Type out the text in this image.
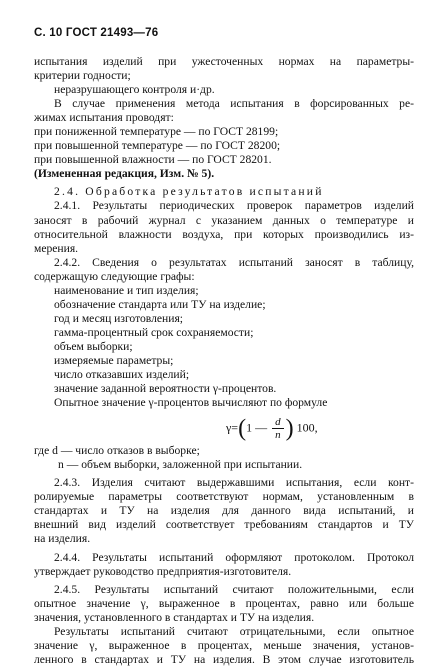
С. 10 ГОСТ 21493—76
испытания изделий при ужесточенных нормах на параметры-
критерии годности;
неразрушающего контроля и·др.
В случае применения метода испытания в форсированных ре-
жимах испытания проводят:
при пониженной температуре — по ГОСТ 28199;
при повышенной температуре — по ГОСТ 28200;
при повышенной влажности — по ГОСТ 28201.
(Измененная редакция, Изм. № 5).
2.4. Обработка результатов испытаний
2.4.1. Результаты периодических проверок параметров изделий
заносят в рабочий журнал с указанием данных о температуре и
относительной влажности воздуха, при которых производились из-
мерения.
2.4.2. Сведения о результатах испытаний заносят в таблицу,
содержащую следующие графы:
наименование и тип изделия;
обозначение стандарта или ТУ на изделие;
год и месяц изготовления;
гамма-процентный срок сохраняемости;
объем выборки;
измеряемые параметры;
число отказавших изделий;
значение заданной вероятности γ-процентов.
Опытное значение γ-процентов вычисляют по формуле
γ=(1 — $\frac{d}{n}$ ) 100,
где d — число отказов в выборке;
n — объем выборки, заложенной при испытании.
2.4.3. Изделия считают выдержавшими испытания, если конт-
ролируемые параметры соответствуют нормам, установленным в
стандартах и ТУ на изделия для данного вида испытаний, и
внешний вид изделий соответствует требованиям стандартов и ТУ
на изделия.
2.4.4. Результаты испытаний оформляют протоколом. Протокол
утверждает руководство предприятия-изготовителя.
2.4.5. Результаты испытаний считают положительными, если
опытное значение γ, выраженное в процентах, равно или больше
значения, установленного в стандартах и ТУ на изделия.
Результаты испытаний считают отрицательными, если опытное
значение γ, выраженное в процентах, меньше значения, установ-
ленного в стандартах и ТУ на изделия. В этом случае изготовитель
